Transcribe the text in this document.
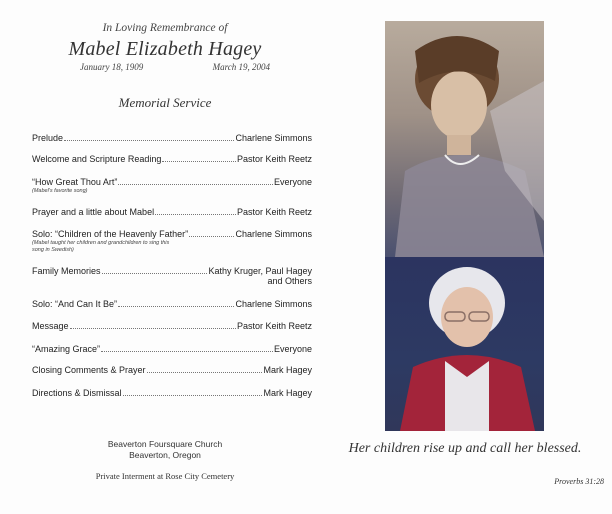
In Loving Remembrance of
Mabel Elizabeth Hagey
January 18, 1909	March 19, 2004
Memorial Service
Prelude	Charlene Simmons
Welcome and Scripture Reading	Pastor Keith Reetz
“How Great Thou Art”	Everyone
(Mabel's favorite song)
Prayer and a little about Mabel	Pastor Keith Reetz
Solo: “Children of the Heavenly Father”	Charlene Simmons
(Mabel taught her children and grandchildren to sing this song in Swedish)
Family Memories	Kathy Kruger, Paul Hagey
and Others
Solo: “And Can It Be”	Charlene Simmons
Message	Pastor Keith Reetz
“Amazing Grace”	Everyone
Closing Comments & Prayer	Mark Hagey
Directions & Dismissal	Mark Hagey
Beaverton Foursquare Church
Beaverton, Oregon
Private Interment at Rose City Cemetery
Her children rise up and call her blessed.
Proverbs 31:28
